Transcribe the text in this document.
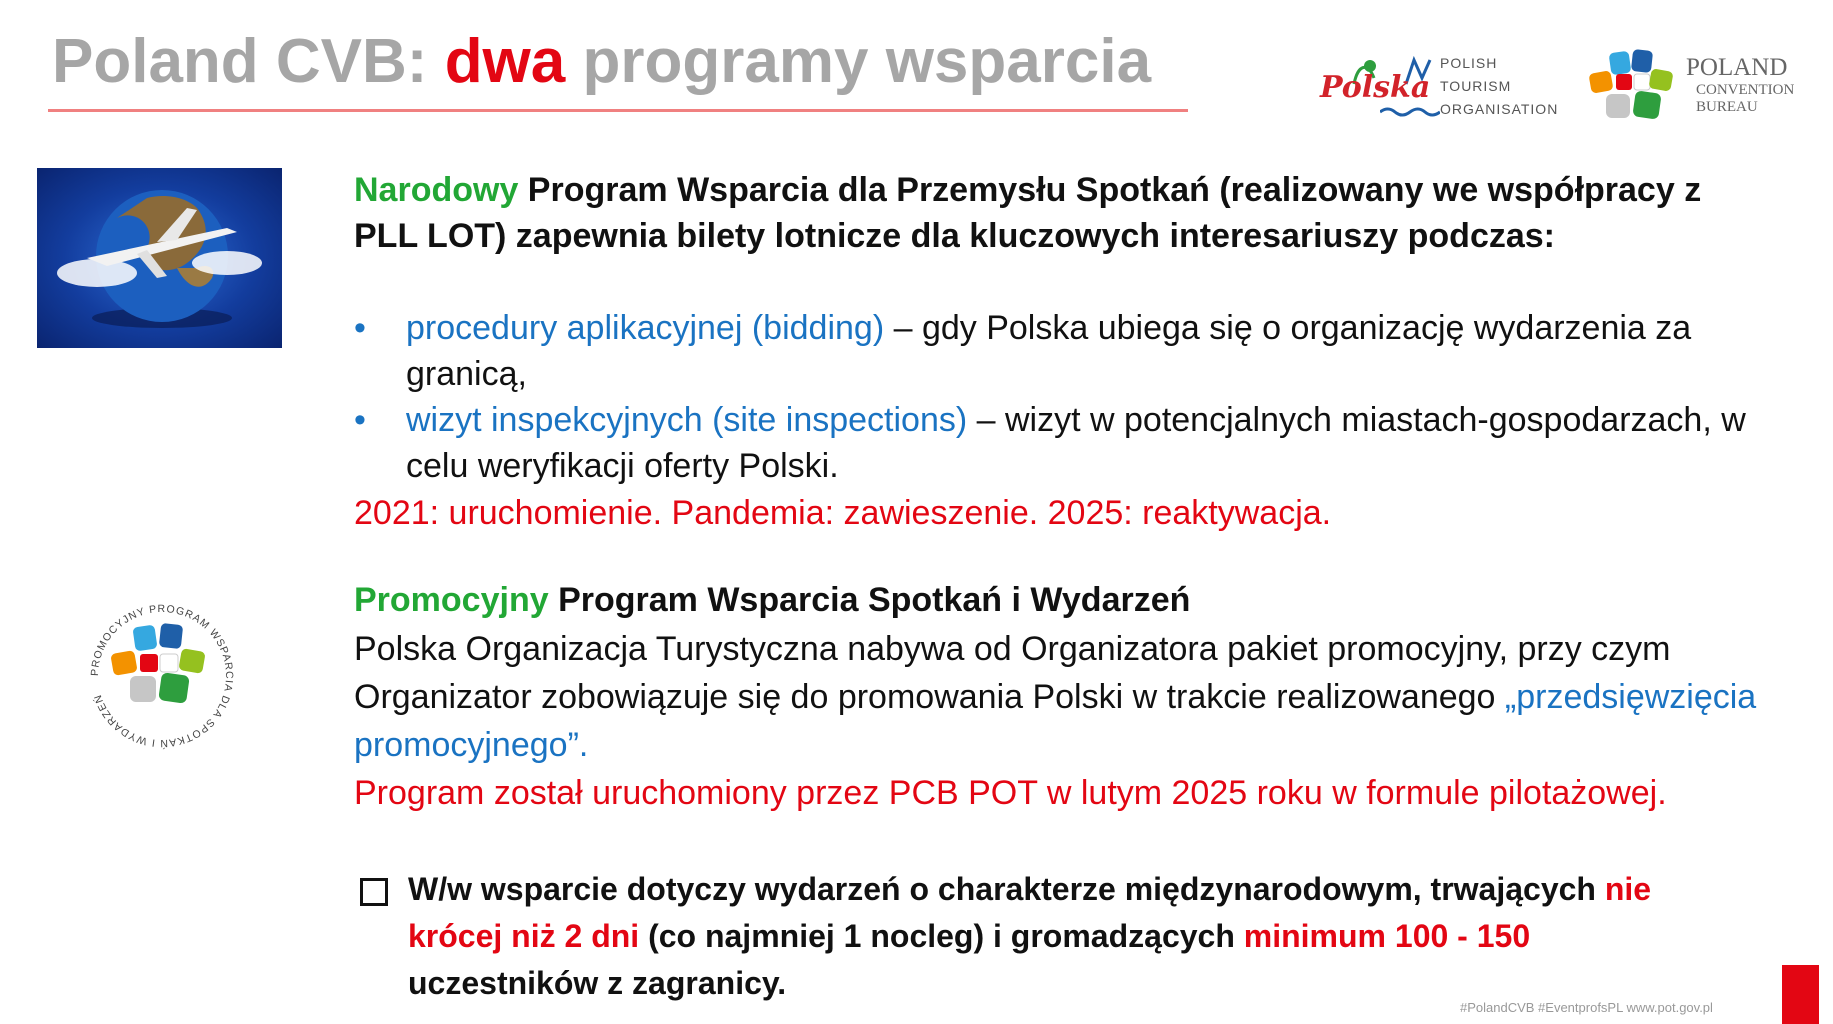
Poland CVB: dwa programy wsparcia	Polska
POLISH
TOURISM
ORGANISATION
POLAND
CONVENTION
BUREAU
PROMOCYJNY PROGRAM WSPARCIA DLA SPOTKAŃ I WYDARZEŃ
Narodowy Program Wsparcia dla Przemysłu Spotkań (realizowany we współpracy z PLL LOT) zapewnia bilety lotnicze dla kluczowych interesariuszy podczas:
• procedury aplikacyjnej (bidding) – gdy Polska ubiega się o organizację wydarzenia za granicą,
• wizyt inspekcyjnych (site inspections) – wizyt w potencjalnych miastach-gospodarzach, w celu weryfikacji oferty Polski.
2021: uruchomienie. Pandemia: zawieszenie. 2025: reaktywacja.
Promocyjny Program Wsparcia Spotkań i Wydarzeń
Polska Organizacja Turystyczna nabywa od Organizatora pakiet promocyjny, przy czym Organizator zobowiązuje się do promowania Polski w trakcie realizowanego „przedsięwzięcia promocyjnego”.
Program został uruchomiony przez PCB POT w lutym 2025 roku w formule pilotażowej.
W/w wsparcie dotyczy wydarzeń o charakterze międzynarodowym, trwających nie krócej niż 2 dni (co najmniej 1 nocleg) i gromadzących minimum 100 - 150 uczestników z zagranicy.
#PolandCVB #EventprofsPL www.pot.gov.pl
